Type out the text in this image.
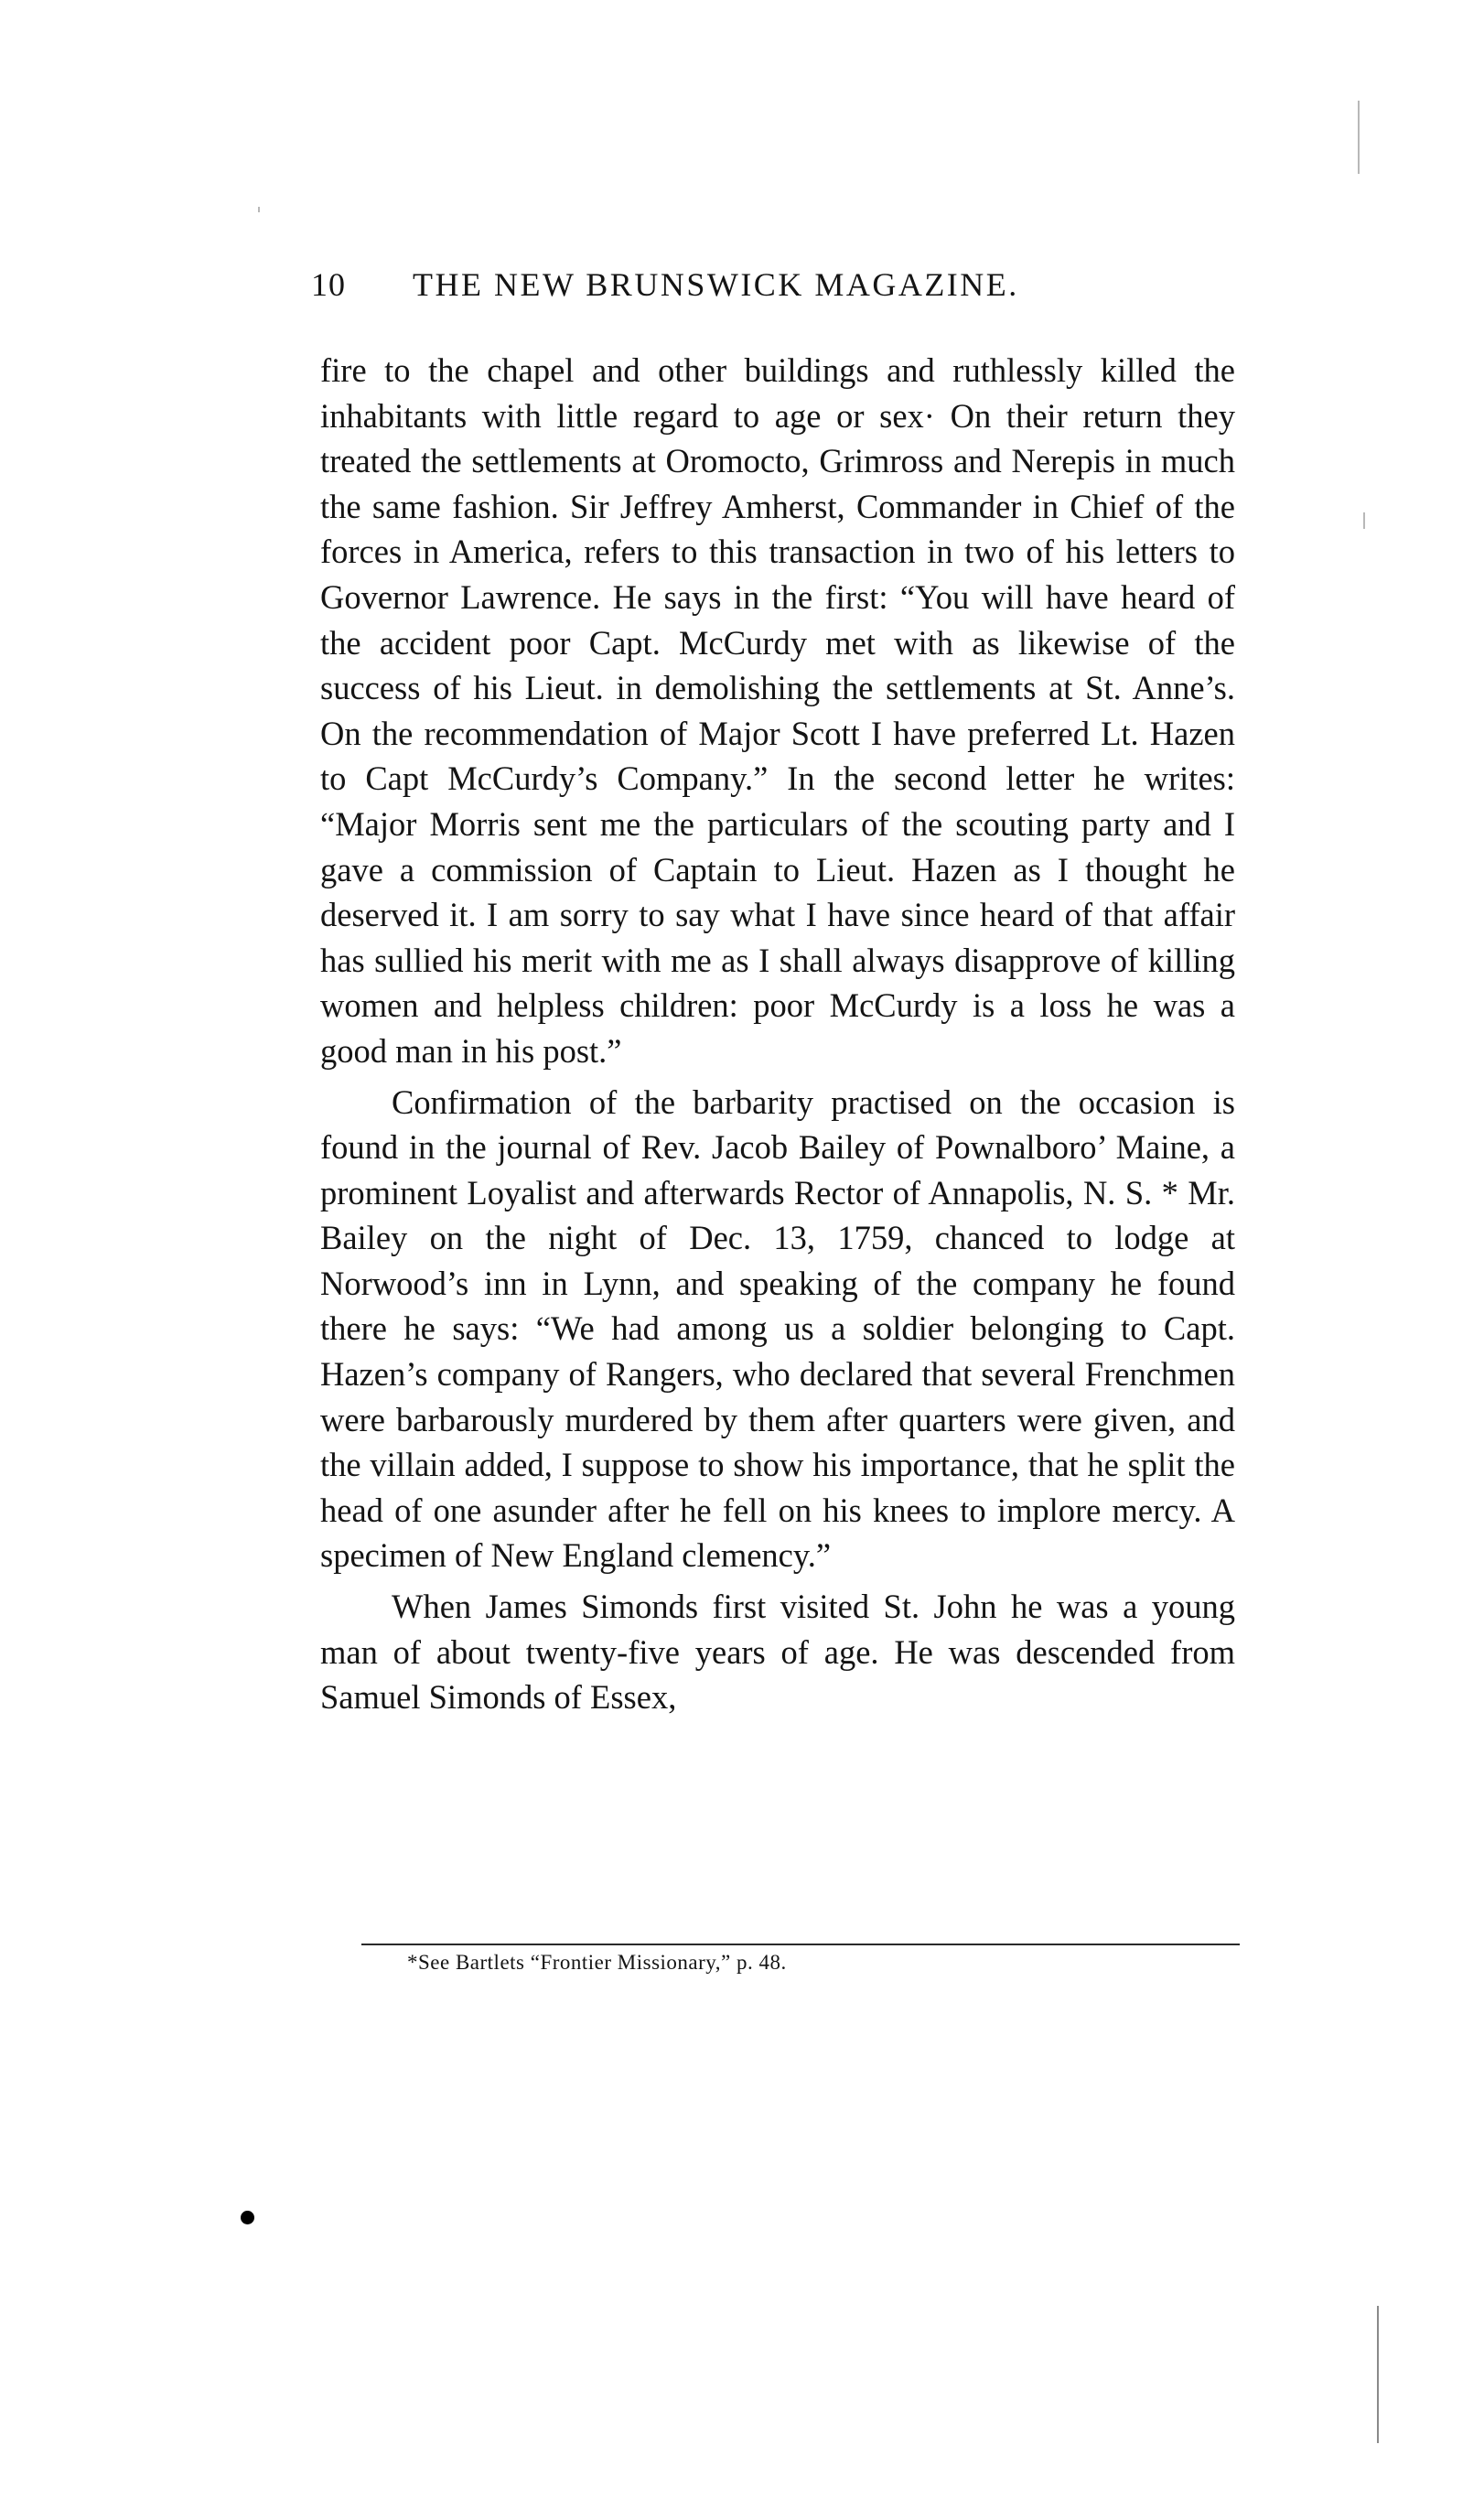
10 THE NEW BRUNSWICK MAGAZINE.

fire to the chapel and other buildings and ruthlessly killed the inhabitants with little regard to age or sex· On their return they treated the settlements at Oromocto, Grimross and Nerepis in much the same fashion. Sir Jeffrey Amherst, Commander in Chief of the forces in America, refers to this transaction in two of his letters to Governor Lawrence. He says in the first: “You will have heard of the accident poor Capt. McCurdy met with as likewise of the success of his Lieut. in demolishing the settlements at St. Anne’s. On the recommendation of Major Scott I have preferred Lt. Hazen to Capt McCurdy’s Company.” In the second letter he writes: “Major Morris sent me the particulars of the scouting party and I gave a commission of Captain to Lieut. Hazen as I thought he deserved it. I am sorry to say what I have since heard of that affair has sullied his merit with me as I shall always disapprove of killing women and helpless children: poor McCurdy is a loss he was a good man in his post.”

Confirmation of the barbarity practised on the occasion is found in the journal of Rev. Jacob Bailey of Pownalboro’ Maine, a prominent Loyalist and afterwards Rector of Annapolis, N. S. * Mr. Bailey on the night of Dec. 13, 1759, chanced to lodge at Norwood’s inn in Lynn, and speaking of the company he found there he says: “We had among us a soldier belonging to Capt. Hazen’s company of Rangers, who declared that several Frenchmen were barbarously murdered by them after quarters were given, and the villain added, I suppose to show his importance, that he split the head of one asunder after he fell on his knees to implore mercy. A specimen of New England clemency.”

When James Simonds first visited St. John he was a young man of about twenty-five years of age. He was descended from Samuel Simonds of Essex,

*See Bartlets “Frontier Missionary,” p. 48.
